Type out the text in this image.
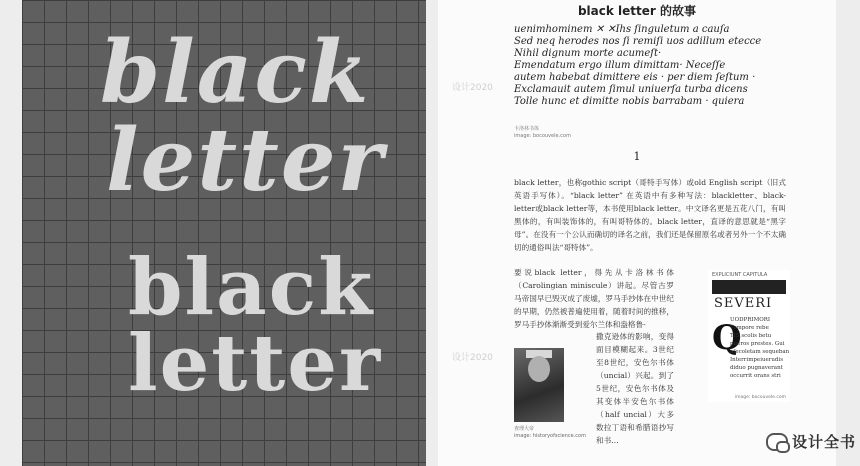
black
letter
black
letter
black letter 的故事
uenimhominem ✕ ✕Ihs ſinguletum a cauſa
Sed neq herodes nos ſi remiſi uos adillum etecce
Nihil dignum morte acumeſt·
Emendatum ergo illum dimittam· Neceſſe
autem habebat dimittere eis · per diem ſeſtum ·
Exclamauit autem ſimul uniuerſa turba dicens
Tolle hunc et dimitte nobis barrabam · quiera
卡洛林书体
image: bocouvele.com
1
black letter，也称gothic script（哥特手写体）或old English script（旧式英语手写体）。“black letter” 在英语中有多种写法：blackletter、black-letter或black letter等，本书使用black letter。中文译名更是五花八门，有叫黑体的，有叫装饰体的，有叫哥特体的。black letter，直译的意思就是“黑字母”。在没有一个公认而确切的译名之前，我们还是保留原名或者另外一个不太确切的通俗叫法“哥特体”。
要说black letter，得先从卡洛林书体（Carolingian miniscule）讲起。尽管古罗马帝国早已毁灭成了废墟，罗马手抄体在中世纪的早期，仍然被普遍使用着，随着时间的推移，罗马手抄体渐渐受到爱尔兰体和盎格鲁-
撒克逊体的影响，变得面目模糊起来。3世纪至8世纪，安色尔书体（uncial）兴起。到了5世纪，安色尔书体及其变体半安色尔书体（half uncial）大多数拉丁语和希腊语抄写和书…
EXPLICIUNT CAPITULA
SEVERI
Q
UODPRIMORI
Tempore rebe
TIS scolis betu
pueros prestes. Gui
afecoletam sequeban
Interrimpeiuerudis
diduo pugnaverant
occurrit orans stri
image: bocouvele.com
查理大帝
image: historyofscience.com
设计2020
设计2020
设计全书
